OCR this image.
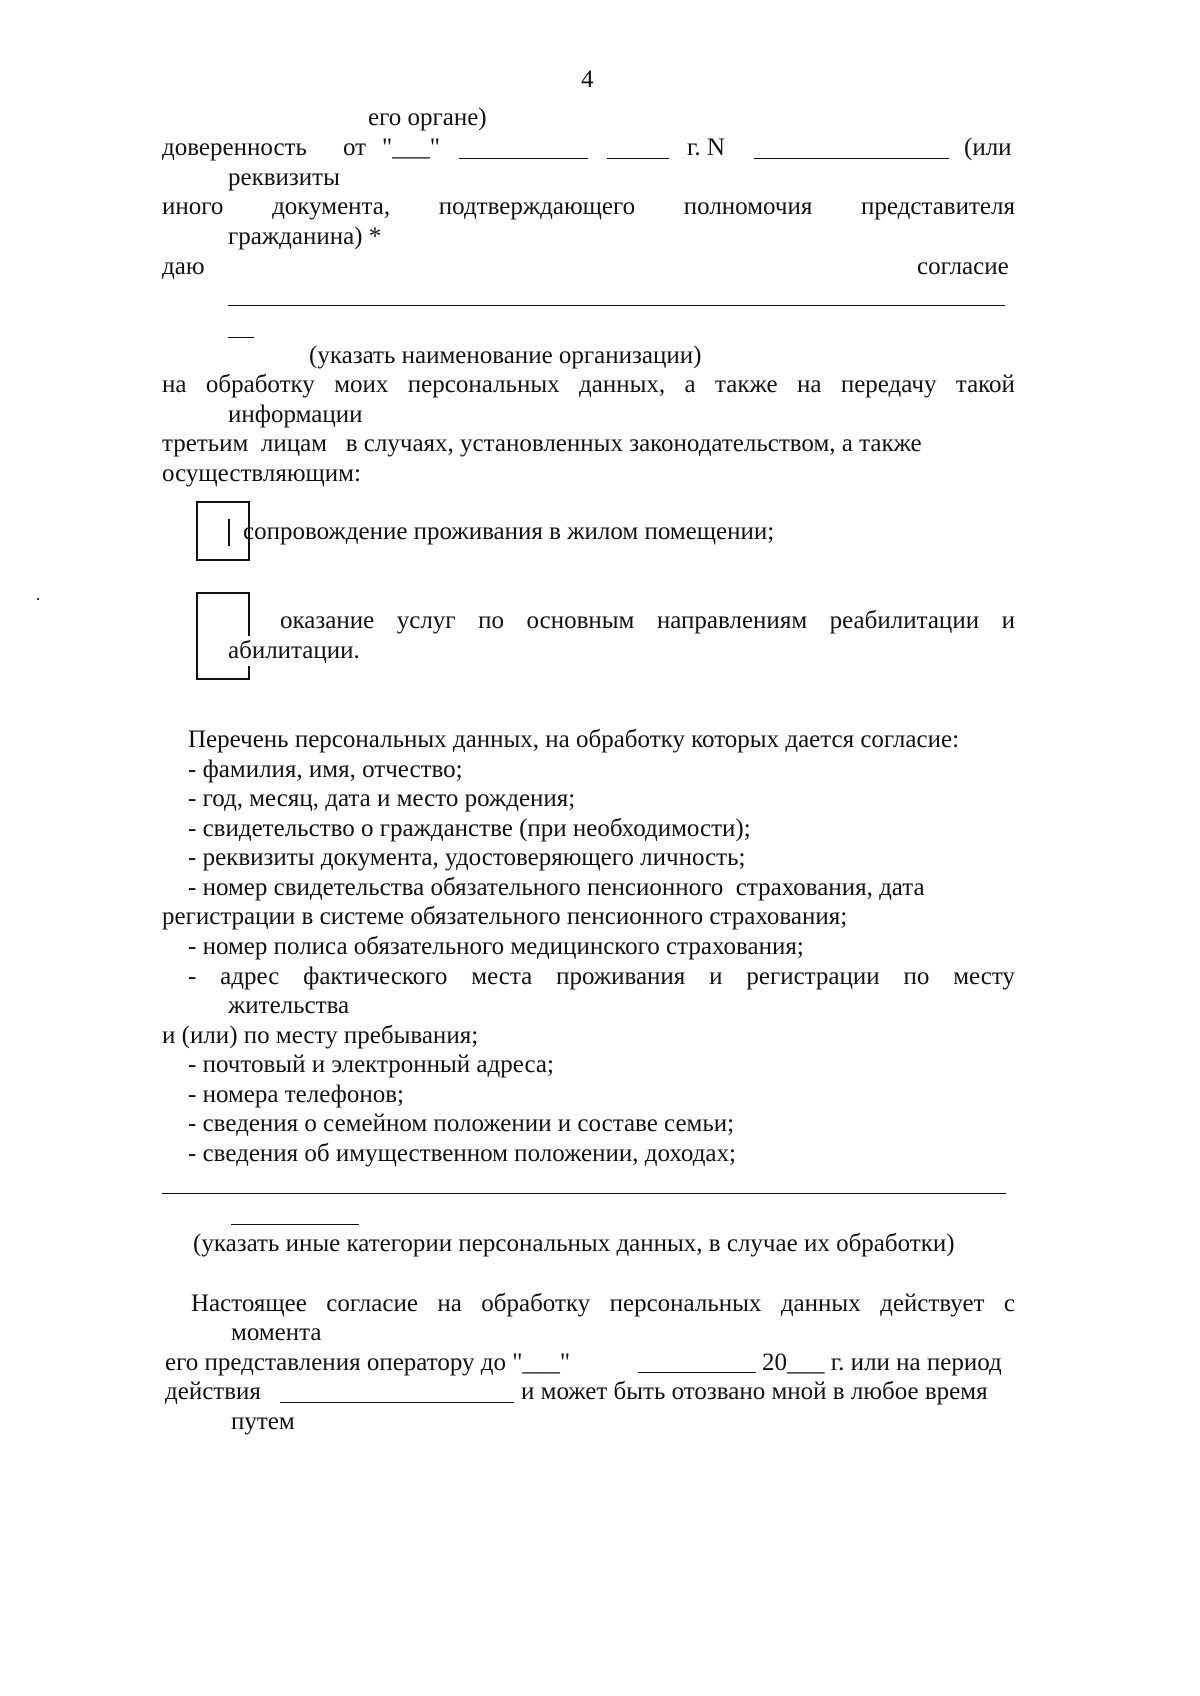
4
его органе)
доверенность от "___"	г. N	(или
реквизиты
иного документа, подтверждающего полномочия представителя
гражданина) *
даю	согласие
(указать наименование организации)
на обработку моих персональных данных, а также на передачу такой
информации
третьим  лицам   в случаях, установленных законодательством, а также
осуществляющим:
сопровождение проживания в жилом помещении;
оказание услуг по основным направлениям реабилитации и
абилитации.
Перечень персональных данных, на обработку которых дается согласие:
- фамилия, имя, отчество;
- год, месяц, дата и место рождения;
- свидетельство о гражданстве (при необходимости);
- реквизиты документа, удостоверяющего личность;
- номер свидетельства обязательного пенсионного  страхования, дата
регистрации в системе обязательного пенсионного страхования;
- номер полиса обязательного медицинского страхования;
- адрес фактического места проживания и регистрации по месту
жительства
и (или) по месту пребывания;
- почтовый и электронный адреса;
- номера телефонов;
- сведения о семейном положении и составе семьи;
- сведения об имущественном положении, доходах;
(указать иные категории персональных данных, в случае их обработки)
Настоящее согласие на обработку персональных данных действует с
момента
его представления оператору до "___"	20___ г. или на период
действия	и может быть отозвано мной в любое время
путем
